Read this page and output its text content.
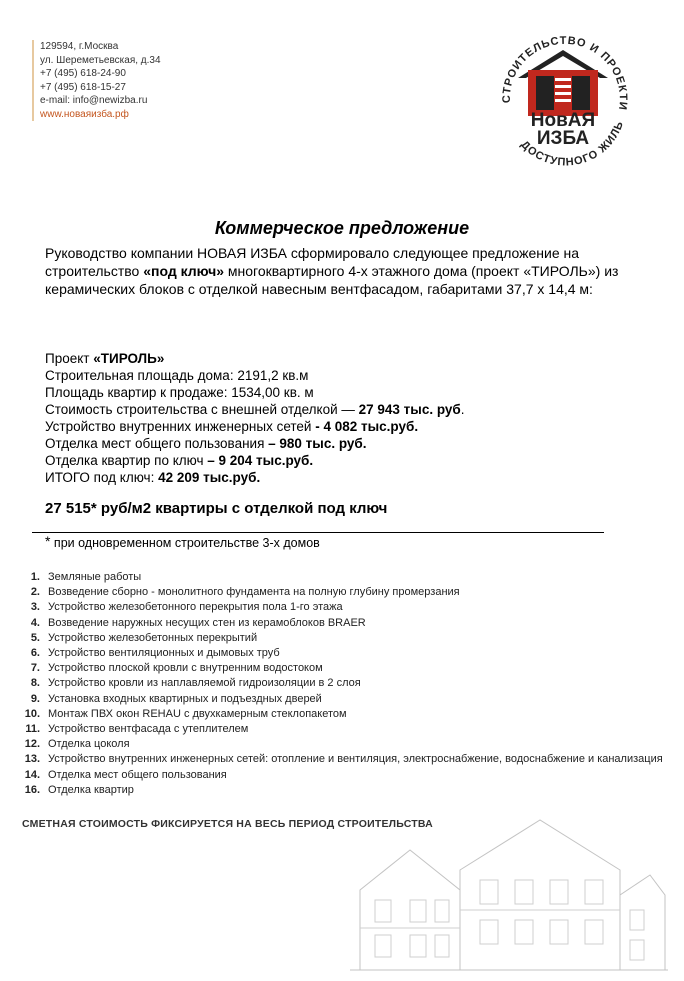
129594, г.Москва
ул. Шереметьевская, д.34
+7 (495) 618-24-90
+7 (495) 618-15-27
e-mail: info@newizba.ru
www.новаяизба.рф
СТРОИТЕЛЬСТВО И ПРОЕКТИ
ДОСТУПНОГО ЖИЛЬ
НовАЯ
ИЗБА
Коммерческое предложение
Руководство компании НОВАЯ ИЗБА сформировало следующее предложение на строительство «под ключ» многоквартирного 4-х этажного дома (проект «ТИРОЛЬ») из керамических блоков с отделкой навесным вентфасадом, габаритами 37,7 х 14,4 м:
Проект «ТИРОЛЬ»
Строительная площадь дома: 2191,2 кв.м
Площадь квартир к продаже: 1534,00 кв. м
Стоимость строительства с внешней отделкой — 27 943 тыс. руб.
Устройство внутренних инженерных сетей - 4 082 тыс.руб.
Отделка мест общего пользования – 980 тыс. руб.
Отделка квартир по ключ – 9 204 тыс.руб.
ИТОГО под ключ: 42 209 тыс.руб.
27 515* руб/м2 квартиры с отделкой под ключ
* при одновременном строительстве 3-х домов
1. Земляные работы
2. Возведение сборно - монолитного фундамента на полную глубину промерзания
3. Устройство железобетонного перекрытия пола 1-го этажа
4. Возведение наружных несущих стен из керамоблоков BRAER
5. Устройство железобетонных перекрытий
6. Устройство вентиляционных и дымовых труб
7. Устройство плоской кровли с внутренним водостоком
8. Устройство кровли из наплавляемой гидроизоляции в 2 слоя
9. Установка входных квартирных и подъездных дверей
10. Монтаж ПВХ окон REHAU с двухкамерным стеклопакетом
11. Устройство вентфасада с утеплителем
12. Отделка цоколя
13. Устройство внутренних инженерных сетей: отопление и вентиляция, электроснабжение, водоснабжение и канализация
14. Отделка мест общего пользования
16. Отделка квартир
СМЕТНАЯ СТОИМОСТЬ ФИКСИРУЕТСЯ НА ВЕСЬ ПЕРИОД СТРОИТЕЛЬСТВА
